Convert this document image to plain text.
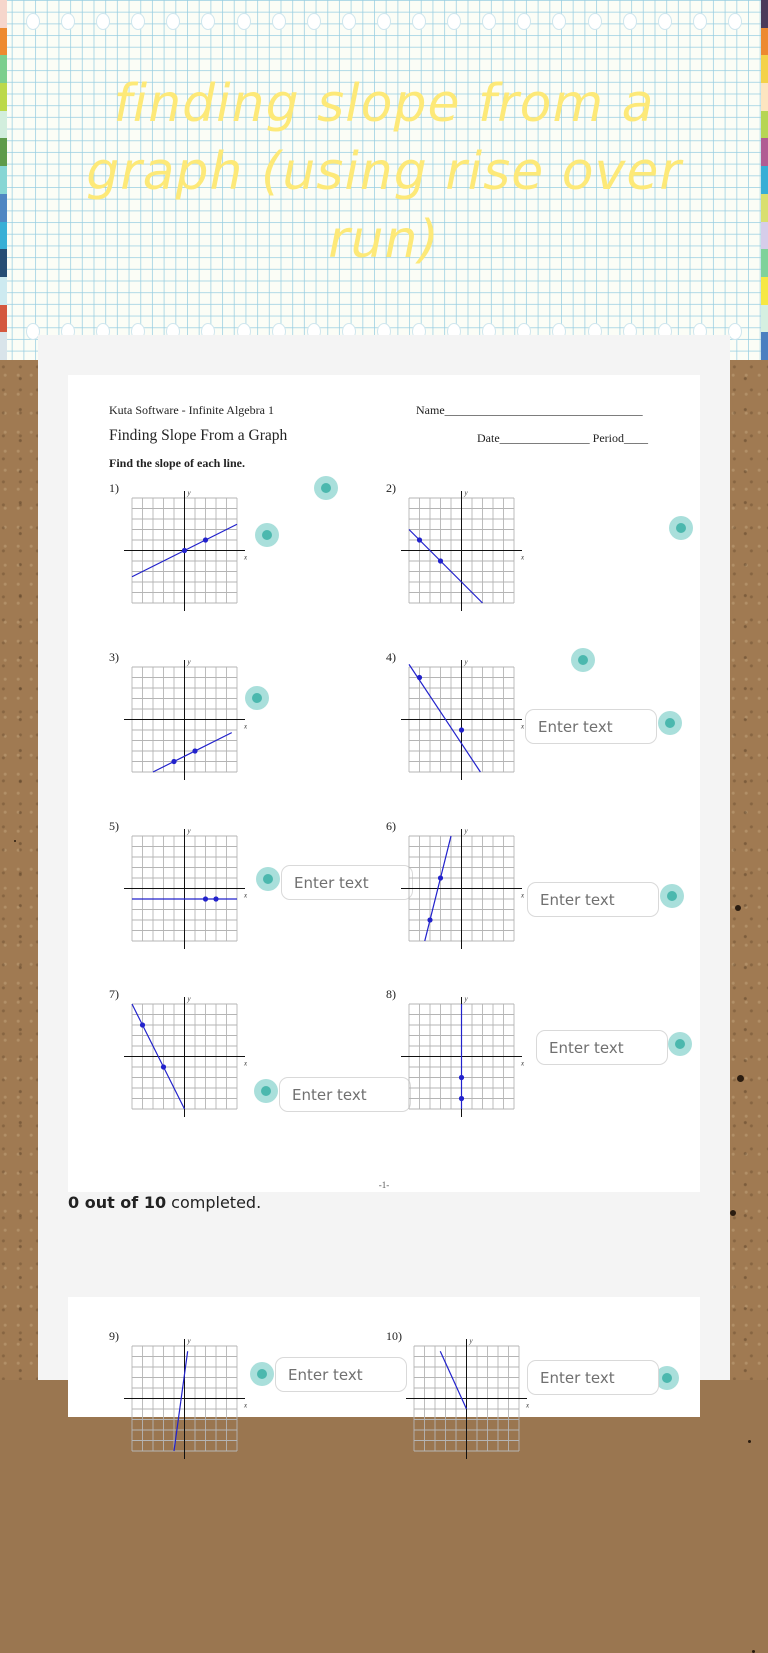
finding slope from a graph (using rise over run)
Kuta Software - Infinite Algebra 1	Name_________________________________
Finding Slope From a Graph	Date_______________ Period____
Find the slope of each line.
-1-
1)
x
y	2)
x
y
3)
x
y	4)
x
y
Enter text
5)
x
y
Enter text	6)
x
y
Enter text
7)
x
y
Enter text	8)
x
y
Enter text
0 out of 10 completed.
9)
x
y
Enter text	10)
x
y
Enter text
